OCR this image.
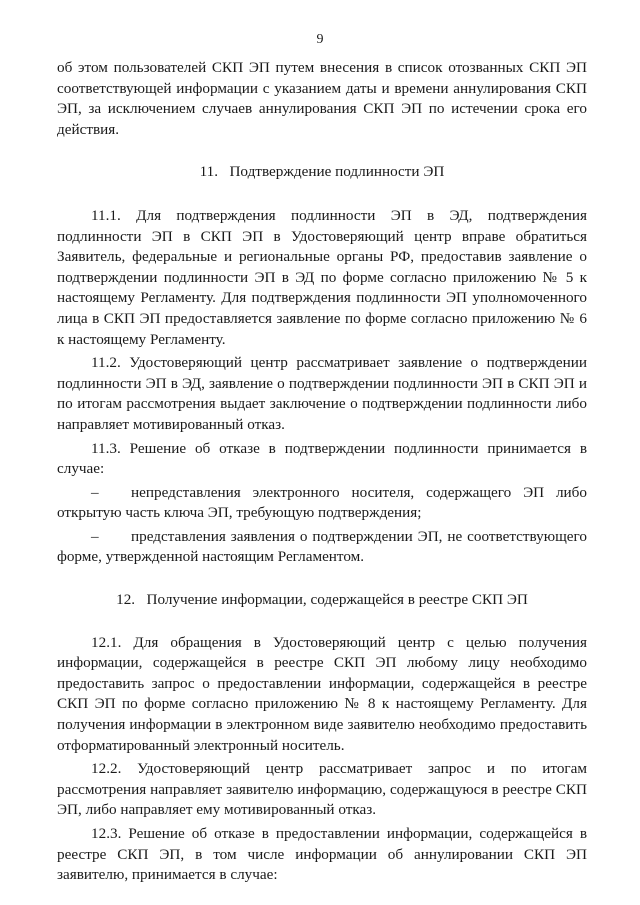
9

об этом пользователей СКП ЭП путем внесения в список отозванных СКП ЭП соответствующей информации с указанием даты и времени аннулирования СКП ЭП, за исключением случаев аннулирования СКП ЭП по истечении срока его действия.

11.   Подтверждение подлинности ЭП

11.1. Для подтверждения подлинности ЭП в ЭД, подтверждения подлинности ЭП в СКП ЭП в Удостоверяющий центр вправе обратиться Заявитель, федеральные и региональные органы РФ, предоставив заявление о подтверждении подлинности ЭП в ЭД по форме согласно приложению № 5 к настоящему Регламенту. Для подтверждения подлинности ЭП уполномоченного лица в СКП ЭП предоставляется заявление по форме согласно приложению № 6 к настоящему Регламенту.

11.2. Удостоверяющий центр рассматривает заявление о подтверждении подлинности ЭП в ЭД, заявление о подтверждении подлинности ЭП в СКП ЭП и по итогам рассмотрения выдает заключение о подтверждении подлинности либо направляет мотивированный отказ.

11.3. Решение об отказе в подтверждении подлинности принимается в случае:

– непредставления электронного носителя, содержащего ЭП либо открытую часть ключа ЭП, требующую подтверждения;

– представления заявления о подтверждении ЭП, не соответствующего форме, утвержденной настоящим Регламентом.

12.   Получение информации, содержащейся в реестре СКП ЭП

12.1. Для обращения в Удостоверяющий центр с целью получения информации, содержащейся в реестре СКП ЭП любому лицу необходимо предоставить запрос о предоставлении информации, содержащейся в реестре СКП ЭП по форме согласно приложению № 8 к настоящему Регламенту. Для получения информации в электронном виде заявителю необходимо предоставить отформатированный электронный носитель.

12.2. Удостоверяющий центр рассматривает запрос и по итогам рассмотрения направляет заявителю информацию, содержащуюся в реестре СКП ЭП, либо направляет ему мотивированный отказ.

12.3. Решение об отказе в предоставлении информации, содержащейся в реестре СКП ЭП, в том числе информации об аннулировании СКП ЭП заявителю, принимается в случае:
